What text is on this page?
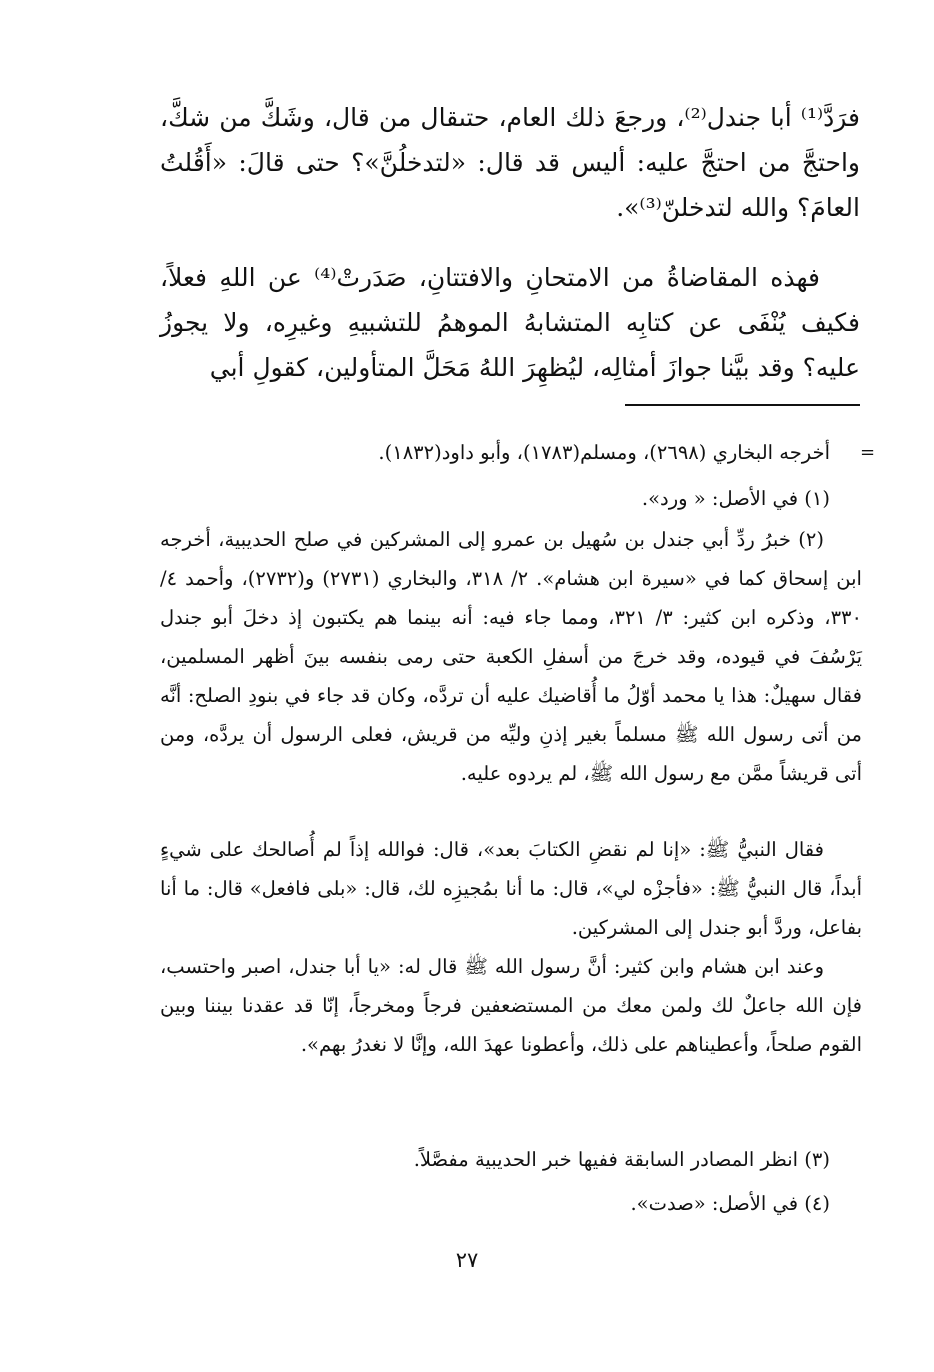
فرَدَّ⁽¹⁾ أبا جندل⁽²⁾، ورجعَ ذلك العام، حتىقال من قال، وشَكَّ من شكَّ، واحتجَّ من احتجَّ عليه: أليس قد قال: «لتدخلُنَّ»؟ حتى قالَ: «أَقُلتُ العامَ؟ والله لتدخلنّ⁽³⁾».

فهذه المقاضاةُ من الامتحانِ والافتتانِ، صَدَرتْ⁽⁴⁾ عن اللهِ فعلاً، فكيف يُنْفَى عن كتابِه المتشابهُ الموهمُ للتشبيهِ وغيرِه، ولا يجوزُ عليه؟ وقد بيَّنا جوازَ أمثالِه، ليُظهِرَ اللهُ مَحَلَّ المتأولين، كقولِ أبي

=

أخرجه البخاري (٢٦٩٨)، ومسلم(١٧٨٣)، وأبو داود(١٨٣٢).

(١) في الأصل: « ورد».

(٢) خبرُ ردِّ أبي جندل بن سُهيل بن عمرو إلى المشركين في صلح الحديبية، أخرجه ابن إسحاق كما في «سيرة ابن هشام». ٢/ ٣١٨، والبخاري (٢٧٣١) و(٢٧٣٢)، وأحمد ٤/ ٣٣٠، وذكره ابن كثير: ٣/ ٣٢١، ومما جاء فيه: أنه بينما هم يكتبون إذ دخلَ أبو جندل يَرْسُفَ في قيوده، وقد خرجَ من أسفلِ الكعبة حتى رمى بنفسه بينَ أظهر المسلمين، فقال سهيلٌ: هذا يا محمد أوّلُ ما أُقاضيك عليه أن تردَّه، وكان قد جاء في بنودِ الصلح: أنَّه من أتى رسول الله ﷺ مسلماً بغير إذنِ وليِّه من قريش، فعلى الرسول أن يردَّه، ومن أتى قريشاً ممَّن مع رسول الله ﷺ، لم يردوه عليه.

فقال النبيُّ ﷺ: «إنا لم نقضِ الكتابَ بعد»، قال: فوالله إذاً لم أُصالحك على شيءٍ أبداً، قال النبيُّ ﷺ: «فأجزْه لي»، قال: ما أنا بمُجيزِه لك، قال: «بلى فافعل» قال: ما أنا بفاعل، وردَّ أبو جندل إلى المشركين.

وعند ابن هشام وابن كثير: أنَّ رسول الله ﷺ قال له: «يا أبا جندل، اصبر واحتسب، فإن الله جاعلٌ لك ولمن معك من المستضعفين فرجاً ومخرجاً، إنّا قد عقدنا بيننا وبين القوم صلحاً، وأعطيناهم على ذلك، وأعطونا عهدَ الله، وإنَّا لا نغدرُ بهم».

(٣) انظر المصادر السابقة ففيها خبر الحديبية مفصَّلاً.

(٤) في الأصل: «صدت».

٢٧
